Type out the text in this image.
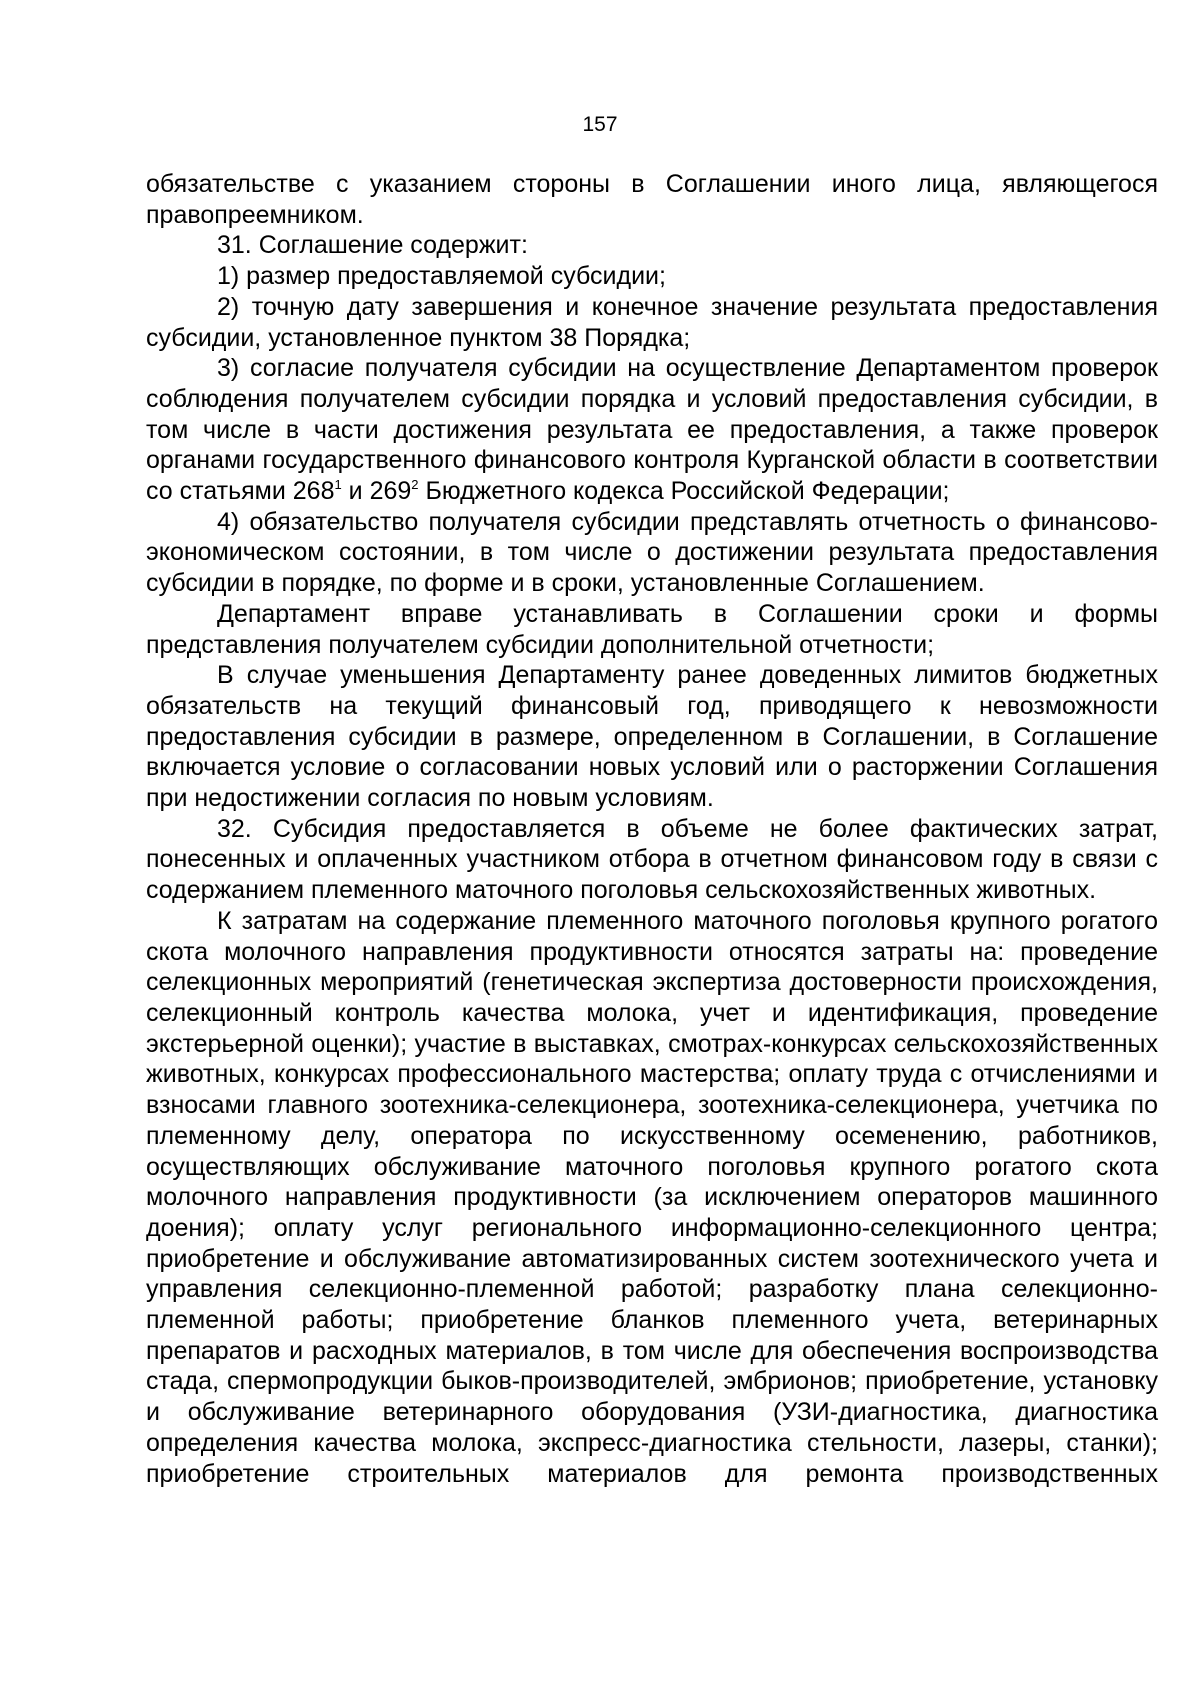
157

обязательстве с указанием стороны в Соглашении иного лица, являющегося правопреемником.

31. Соглашение содержит:

1) размер предоставляемой субсидии;

2) точную дату завершения и конечное значение результата предоставления субсидии, установленное пунктом 38 Порядка;

3) согласие получателя субсидии на осуществление Департаментом проверок соблюдения получателем субсидии порядка и условий предоставления субсидии, в том числе в части достижения результата ее предоставления, а также проверок органами государственного финансового контроля Курганской области в соответствии со статьями $268^1$ и $269^2$ Бюджетного кодекса Российской Федерации;

4) обязательство получателя субсидии представлять отчетность о финансово-экономическом состоянии, в том числе о достижении результата предоставления субсидии в порядке, по форме и в сроки, установленные Соглашением.

Департамент вправе устанавливать в Соглашении сроки и формы представления получателем субсидии дополнительной отчетности;

В случае уменьшения Департаменту ранее доведенных лимитов бюджетных обязательств на текущий финансовый год, приводящего к невозможности предоставления субсидии в размере, определенном в Соглашении, в Соглашение включается условие о согласовании новых условий или о расторжении Соглашения при недостижении согласия по новым условиям.

32. Субсидия предоставляется в объеме не более фактических затрат, понесенных и оплаченных участником отбора в отчетном финансовом году в связи с содержанием племенного маточного поголовья сельскохозяйственных животных.

К затратам на содержание племенного маточного поголовья крупного рогатого скота молочного направления продуктивности относятся затраты на: проведение селекционных мероприятий (генетическая экспертиза достоверности происхождения, селекционный контроль качества молока, учет и идентификация, проведение экстерьерной оценки); участие в выставках, смотрах-конкурсах сельскохозяйственных животных, конкурсах профессионального мастерства; оплату труда с отчислениями и взносами главного зоотехника-селекционера, зоотехника-селекционера, учетчика по племенному делу, оператора по искусственному осеменению, работников, осуществляющих обслуживание маточного поголовья крупного рогатого скота молочного направления продуктивности (за исключением операторов машинного доения); оплату услуг регионального информационно-селекционного центра; приобретение и обслуживание автоматизированных систем зоотехнического учета и управления селекционно-племенной работой; разработку плана селекционно-племенной работы; приобретение бланков племенного учета, ветеринарных препаратов и расходных материалов, в том числе для обеспечения воспроизводства стада, спермопродукции быков-производителей, эмбрионов; приобретение, установку и обслуживание ветеринарного оборудования (УЗИ-диагностика, диагностика определения качества молока, экспресс-диагностика стельности, лазеры, станки); приобретение строительных материалов для ремонта производственных
